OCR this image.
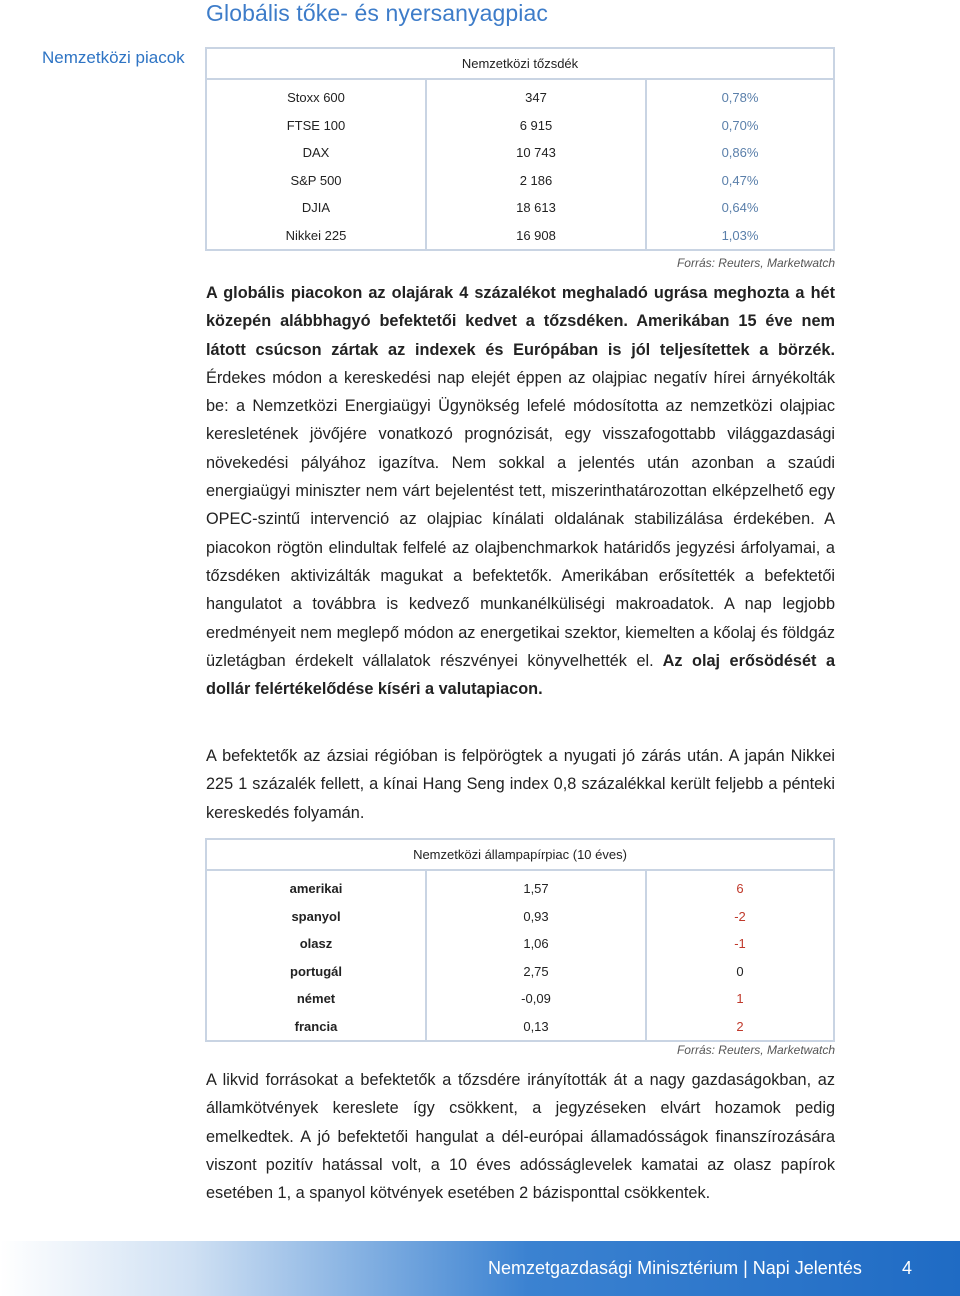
Globális tőke- és nyersanyagpiac
Nemzetközi piacok	Nemzetközi tőzsdék		
Stoxx 600	347	0,78%
FTSE 100	6 915	0,70%
DAX	10 743	0,86%
S&P 500	2 186	0,47%
DJIA	18 613	0,64%
Nikkei 225	16 908	1,03%
Forrás: Reuters, Marketwatch
A globális piacokon az olajárak 4 százalékot meghaladó ugrása meghozta a hét közepén alábbhagyó befektetői kedvet a tőzsdéken. Amerikában 15 éve nem látott csúcson zártak az indexek és Európában is jól teljesítettek a börzék. Érdekes módon a kereskedési nap elejét éppen az olajpiac negatív hírei árnyékolták be: a Nemzetközi Energiaügyi Ügynökség lefelé módosította az nemzetközi olajpiac keresletének jövőjére vonatkozó prognózisát, egy visszafogottabb világgazdasági növekedési pályához igazítva. Nem sokkal a jelentés után azonban a szaúdi energiaügyi miniszter nem várt bejelentést tett, miszerinthatározottan elképzelhető egy OPEC-szintű intervenció az olajpiac kínálati oldalának stabilizálása érdekében. A piacokon rögtön elindultak felfelé az olajbenchmarkok határidős jegyzési árfolyamai, a tőzsdéken aktivizálták magukat a befektetők. Amerikában erősítették a befektetői hangulatot a továbbra is kedvező munkanélküliségi makroadatok. A nap legjobb eredményeit nem meglepő módon az energetikai szektor, kiemelten a kőolaj és földgáz üzletágban érdekelt vállalatok részvényei könyvelhették el. Az olaj erősödését a dollár felértékelődése kíséri a valutapiacon.
A befektetők az ázsiai régióban is felpörögtek a nyugati jó zárás után. A japán Nikkei 225 1 százalék fellett, a kínai Hang Seng index 0,8 százalékkal került feljebb a pénteki kereskedés folyamán.
Nemzetközi állampapírpiac (10 éves)		
amerikai	1,57	6
spanyol	0,93	-2
olasz	1,06	-1
portugál	2,75	0
német	-0,09	1
francia	0,13	2
Forrás: Reuters, Marketwatch
A likvid forrásokat a befektetők a tőzsdére irányították át a nagy gazdaságokban, az államkötvények kereslete így csökkent, a jegyzéseken elvárt hozamok pedig emelkedtek. A jó befektetői hangulat a dél-európai államadósságok finanszírozására viszont pozitív hatással volt, a 10 éves adósságlevelek kamatai az olasz papírok esetében 1, a spanyol kötvények esetében 2 bázisponttal csökkentek.
Nemzetgazdasági Minisztérium | Napi Jelentés 4
